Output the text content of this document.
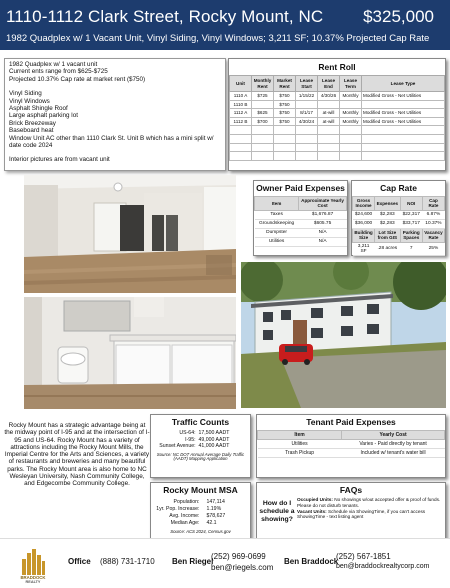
1110-1112 Clark Street, Rocky Mount, NC $325,000
1982 Quadplex w/ 1 Vacant Unit, Vinyl Siding, Vinyl Windows; 3,211 SF; 10.37% Projected Cap Rate
1982 Quadplex w/ 1 vacant unit
Current ents range from $625-$725
Projected 10.37% Cap rate at market rent ($750)
Vinyl Siding
Vinyl Windows
Asphalt Shingle Roof
Large asphalt parking lot
Brick Breezeway
Baseboard heat
Window Unit AC other than 1110 Clark St. Unit B which has a mini split w/ date code 2024
Interior pictures are from vacant unit
Rent Roll
Unit	Monthly Rent	Market Rent	Lease Start	Lease End	Lease Term	Lease Type
1110 A	$725	$750	1/15/22	4/30/26	Monthly	Modified Gross - Net Utilities
1110 B		$750				
1112 A	$625	$750	8/1/17	at-will	Monthly	Modified Gross - Net Utilities
1112 B	$700	$750	4/30/24	at-will	Monthly	Modified Gross - Net Utilities

Owner Paid Expenses
Item	Approximate Yearly Cost
Taxes	$1,676.87
Groundskeeping	$605.75
Dumpster	N/A
Utilities	N/A
Cap Rate
Gross Income	Expenses	NOI	Cap Rate
$24,600	$2,283	$22,317	6.87%
$36,000	$2,283	$33,717	10.37%
Building Size	Lot Size from GIS	Parking Spaces	Vacancy Rate
3,211 SF	.28 acres	7	25%
Rocky Mount has a strategic advantage being at the midway point of I-95 and at the intersection of I-95 and US-64. Rocky Mount has a variety of attractions including the Rocky Mount Mills, the Imperial Centre for the Arts and Sciences, a variety of restaurants and breweries and many beautiful parks. The Rocky Mount area is also home to NC Wesleyan University, Nash Community College, and Edgecombe Community College.
Traffic Counts
US-64: 17,500 AADT
I-95: 49,000 AADT
Sunset Avenue: 41,000 AADT
Source: NC DOT Annual Average Daily Traffic (AADT) Mapping Application
Rocky Mount MSA
Population:	147,114
1yr. Pop. Increase:	1.19%
Avg. Income:	$78,627
Median Age:	42.1
Source: ACS 2024, Census.gov
Tenant Paid Expenses
Item	Yearly Cost
Utilities	Varies - Paid directly by tenant
Trash Pickup	Included w/ tenant's water bill
FAQs
How do I schedule a showing?
Occupied Units: No showings w/out accepted offer & proof of funds. Please do not disturb tenants.
Vacant Units: Schedule via ShowingTime, if you can't access ShowingTime - text listing agent
BRADDOCK
REALTY
Office (888) 731-1710 Ben Riegel
(252) 969-0699
ben@riegels.com
Ben Braddock
(252) 567-1851
ben@braddockrealtycorp.com
